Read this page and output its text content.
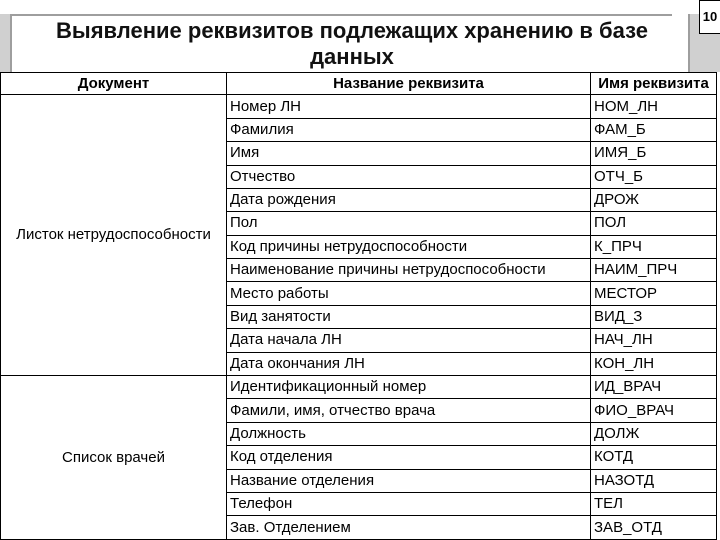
Выявление реквизитов подлежащих хранению в базе данных
10
Документ	Название реквизита	Имя реквизита
Листок нетрудоспособности	Номер ЛН	НОМ_ЛН
	Фамилия	ФАМ_Б
	Имя	ИМЯ_Б
	Отчество	ОТЧ_Б
	Дата рождения	ДРОЖ
	Пол	ПОЛ
	Код причины нетрудоспособности	К_ПРЧ
	Наименование причины нетрудоспособности	НАИМ_ПРЧ
	Место работы	МЕСТОР
	Вид занятости	ВИД_З
	Дата начала ЛН	НАЧ_ЛН
	Дата окончания ЛН	КОН_ЛН
Список врачей	Идентификационный номер	ИД_ВРАЧ
	Фамили, имя, отчество врача	ФИО_ВРАЧ
	Должность	ДОЛЖ
	Код отделения	КОТД
	Название отделения	НАЗОТД
	Телефон	ТЕЛ
	Зав. Отделением	ЗАВ_ОТД
